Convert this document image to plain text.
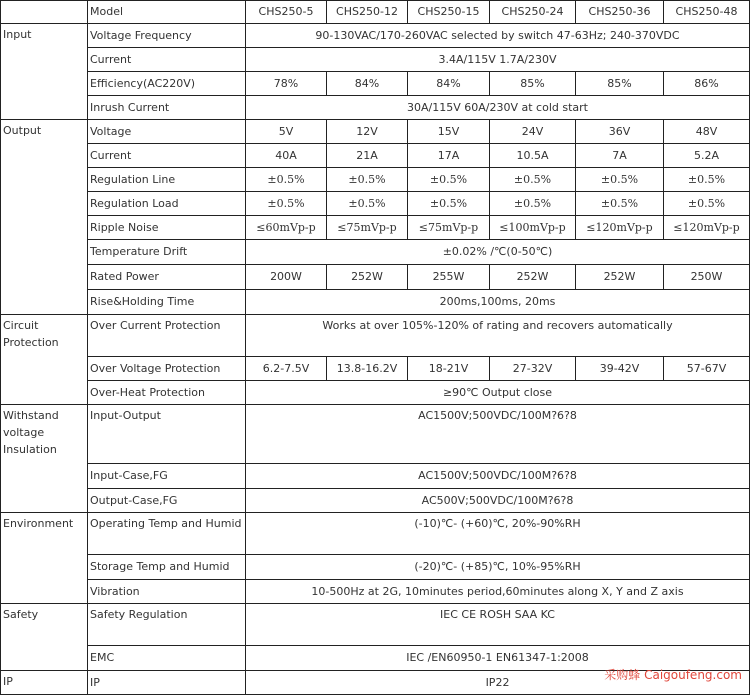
	Model	CHS250-5	CHS250-12	CHS250-15	CHS250-24	CHS250-36	CHS250-48
Input	Voltage Frequency	90-130VAC/170-260VAC selected by switch 47-63Hz; 240-370VDC					
	Current	3.4A/115V 1.7A/230V					
	Efficiency(AC220V)	78%	84%	84%	85%	85%	86%
	Inrush Current	30A/115V 60A/230V at cold start					
Output	Voltage	5V	12V	15V	24V	36V	48V
	Current	40A	21A	17A	10.5A	7A	5.2A
	Regulation Line	±0.5%	±0.5%	±0.5%	±0.5%	±0.5%	±0.5%
	Regulation Load	±0.5%	±0.5%	±0.5%	±0.5%	±0.5%	±0.5%
	Ripple Noise	≤60mVp-p	≤75mVp-p	≤75mVp-p	≤100mVp-p	≤120mVp-p	≤120mVp-p
	Temperature Drift	±0.02% /℃(0-50℃)					
	Rated Power	200W	252W	255W	252W	252W	250W
	Rise&Holding Time	200ms,100ms, 20ms					
Circuit Protection	Over Current Protection	Works at over 105%-120% of rating and recovers automatically					
	Over Voltage Protection	6.2-7.5V	13.8-16.2V	18-21V	27-32V	39-42V	57-67V
	Over-Heat Protection	≥90℃ Output close					
Withstand voltage Insulation	Input-Output	AC1500V;500VDC/100M?6?8					
	Input-Case,FG	AC1500V;500VDC/100M?6?8					
	Output-Case,FG	AC500V;500VDC/100M?6?8					
Environment	Operating Temp and Humid	(-10)℃- (+60)℃, 20%-90%RH					
	Storage Temp and Humid	(-20)℃- (+85)℃, 10%-95%RH					
	Vibration	10-500Hz at 2G, 10minutes period,60minutes along X, Y and Z axis					
Safety	Safety Regulation	IEC CE ROSH SAA KC					
	EMC	IEC /EN60950-1 EN61347-1:2008					
IP	IP	IP22						采购蜂 Caigoufeng.com
